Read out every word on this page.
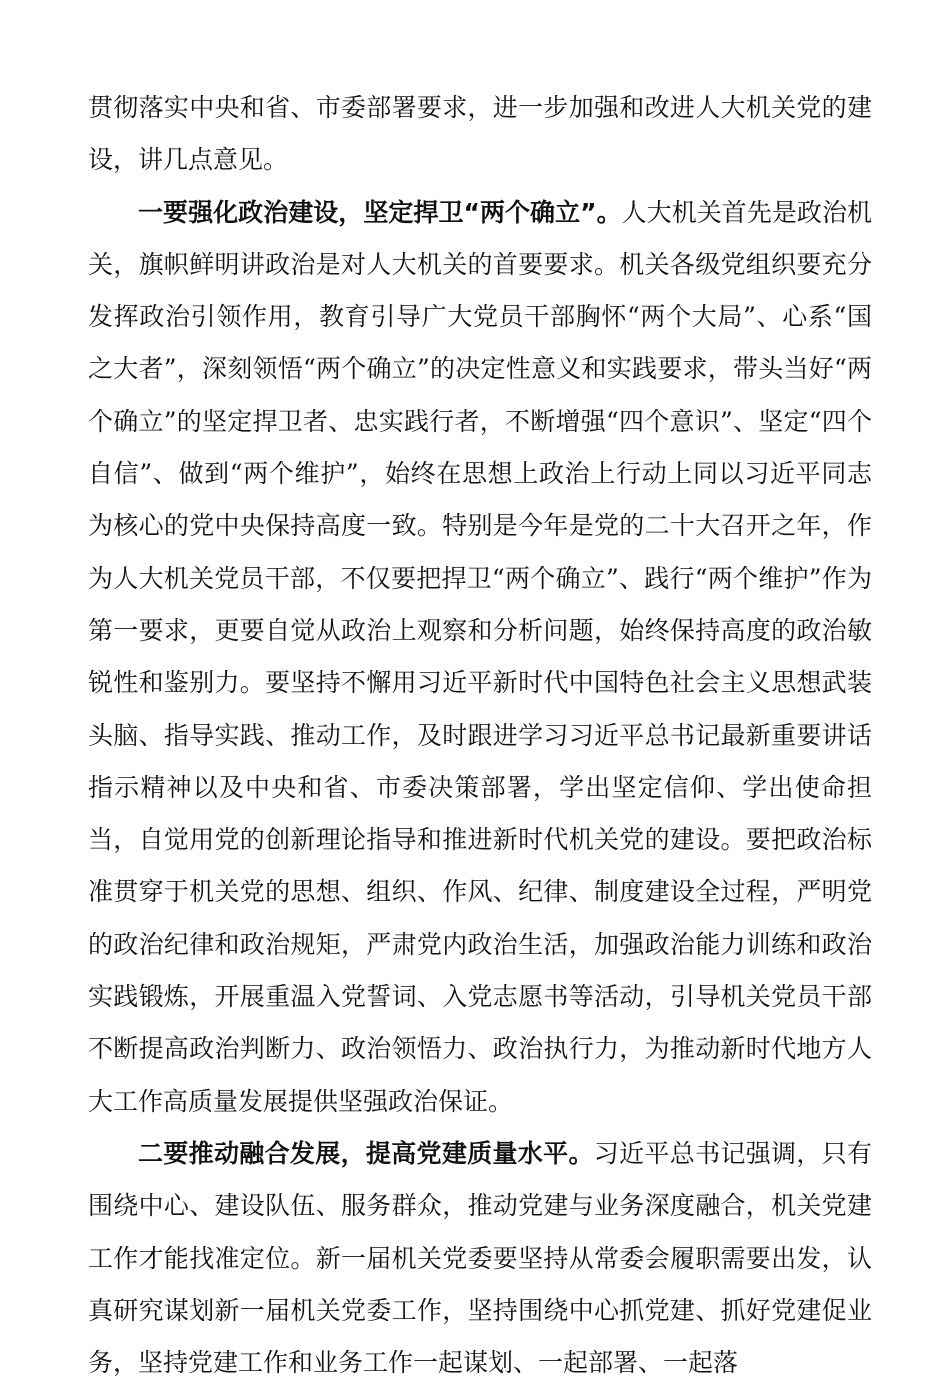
贯彻落实中央和省、市委部署要求，进一步加强和改进人大机关党的建设，讲几点意见。

一要强化政治建设，坚定捍卫“两个确立”。人大机关首先是政治机关，旗帜鲜明讲政治是对人大机关的首要要求。机关各级党组织要充分发挥政治引领作用，教育引导广大党员干部胸怀“两个大局”、心系“国之大者”，深刻领悟“两个确立”的决定性意义和实践要求，带头当好“两个确立”的坚定捍卫者、忠实践行者，不断增强“四个意识”、坚定“四个自信”、做到“两个维护”，始终在思想上政治上行动上同以习近平同志为核心的党中央保持高度一致。特别是今年是党的二十大召开之年，作为人大机关党员干部，不仅要把捍卫“两个确立”、践行“两个维护”作为第一要求，更要自觉从政治上观察和分析问题，始终保持高度的政治敏锐性和鉴别力。要坚持不懈用习近平新时代中国特色社会主义思想武装头脑、指导实践、推动工作，及时跟进学习习近平总书记最新重要讲话指示精神以及中央和省、市委决策部署，学出坚定信仰、学出使命担当，自觉用党的创新理论指导和推进新时代机关党的建设。要把政治标准贯穿于机关党的思想、组织、作风、纪律、制度建设全过程，严明党的政治纪律和政治规矩，严肃党内政治生活，加强政治能力训练和政治实践锻炼，开展重温入党誓词、入党志愿书等活动，引导机关党员干部不断提高政治判断力、政治领悟力、政治执行力，为推动新时代地方人大工作高质量发展提供坚强政治保证。

二要推动融合发展，提高党建质量水平。习近平总书记强调，只有围绕中心、建设队伍、服务群众，推动党建与业务深度融合，机关党建工作才能找准定位。新一届机关党委要坚持从常委会履职需要出发，认真研究谋划新一届机关党委工作，坚持围绕中心抓党建、抓好党建促业务，坚持党建工作和业务工作一起谋划、一起部署、一起落
